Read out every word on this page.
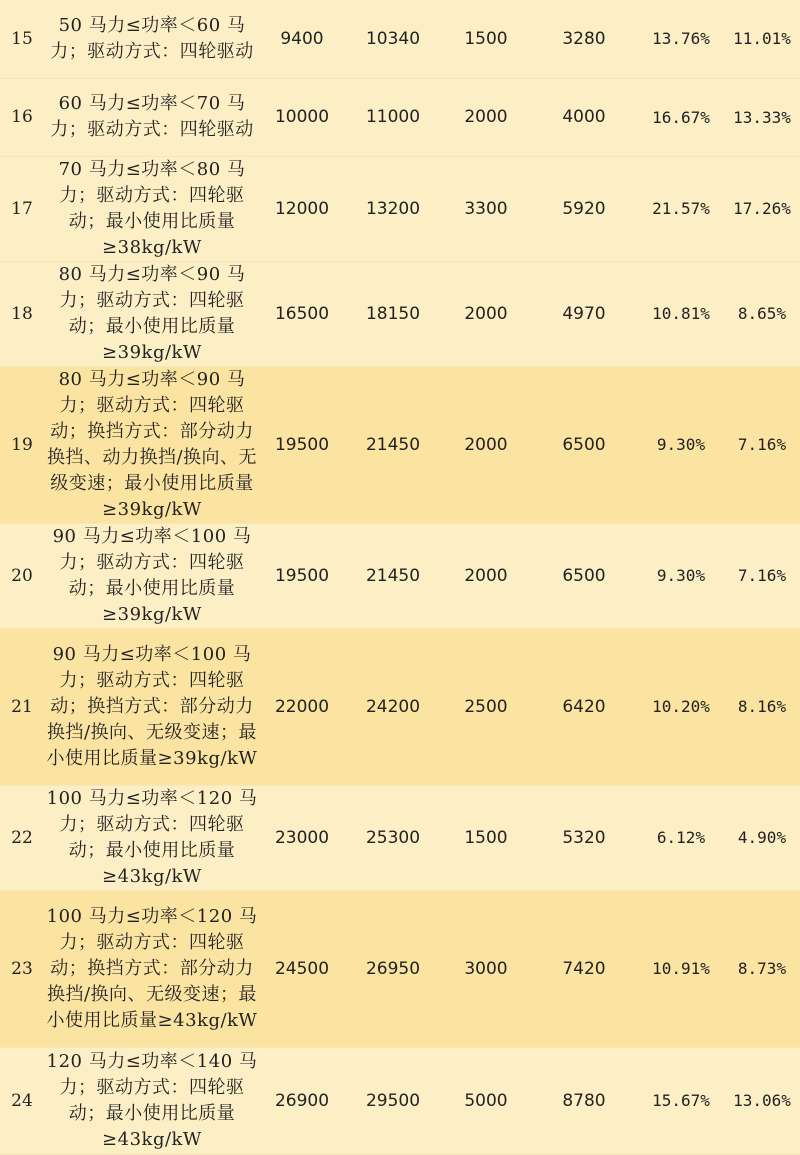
15	50 马力≤功率＜60 马力；驱动方式：四轮驱动	9400	10340	1500	3280	13.76%	11.01%
16	60 马力≤功率＜70 马力；驱动方式：四轮驱动	10000	11000	2000	4000	16.67%	13.33%
17	70 马力≤功率＜80 马力；驱动方式：四轮驱动；最小使用比质量≥38kg/kW	12000	13200	3300	5920	21.57%	17.26%
18	80 马力≤功率＜90 马力；驱动方式：四轮驱动；最小使用比质量≥39kg/kW	16500	18150	2000	4970	10.81%	8.65%
19	80 马力≤功率＜90 马力；驱动方式：四轮驱动；换挡方式：部分动力换挡、动力换挡/换向、无级变速；最小使用比质量≥39kg/kW	19500	21450	2000	6500	9.30%	7.16%
20	90 马力≤功率＜100 马力；驱动方式：四轮驱动；最小使用比质量≥39kg/kW	19500	21450	2000	6500	9.30%	7.16%
21	90 马力≤功率＜100 马力；驱动方式：四轮驱动；换挡方式：部分动力换挡/换向、无级变速；最小使用比质量≥39kg/kW	22000	24200	2500	6420	10.20%	8.16%
22	100 马力≤功率＜120 马力；驱动方式：四轮驱动；最小使用比质量≥43kg/kW	23000	25300	1500	5320	6.12%	4.90%
23	100 马力≤功率＜120 马力；驱动方式：四轮驱动；换挡方式：部分动力换挡/换向、无级变速；最小使用比质量≥43kg/kW	24500	26950	3000	7420	10.91%	8.73%
24	120 马力≤功率＜140 马力；驱动方式：四轮驱动；最小使用比质量≥43kg/kW	26900	29500	5000	8780	15.67%	13.06%
